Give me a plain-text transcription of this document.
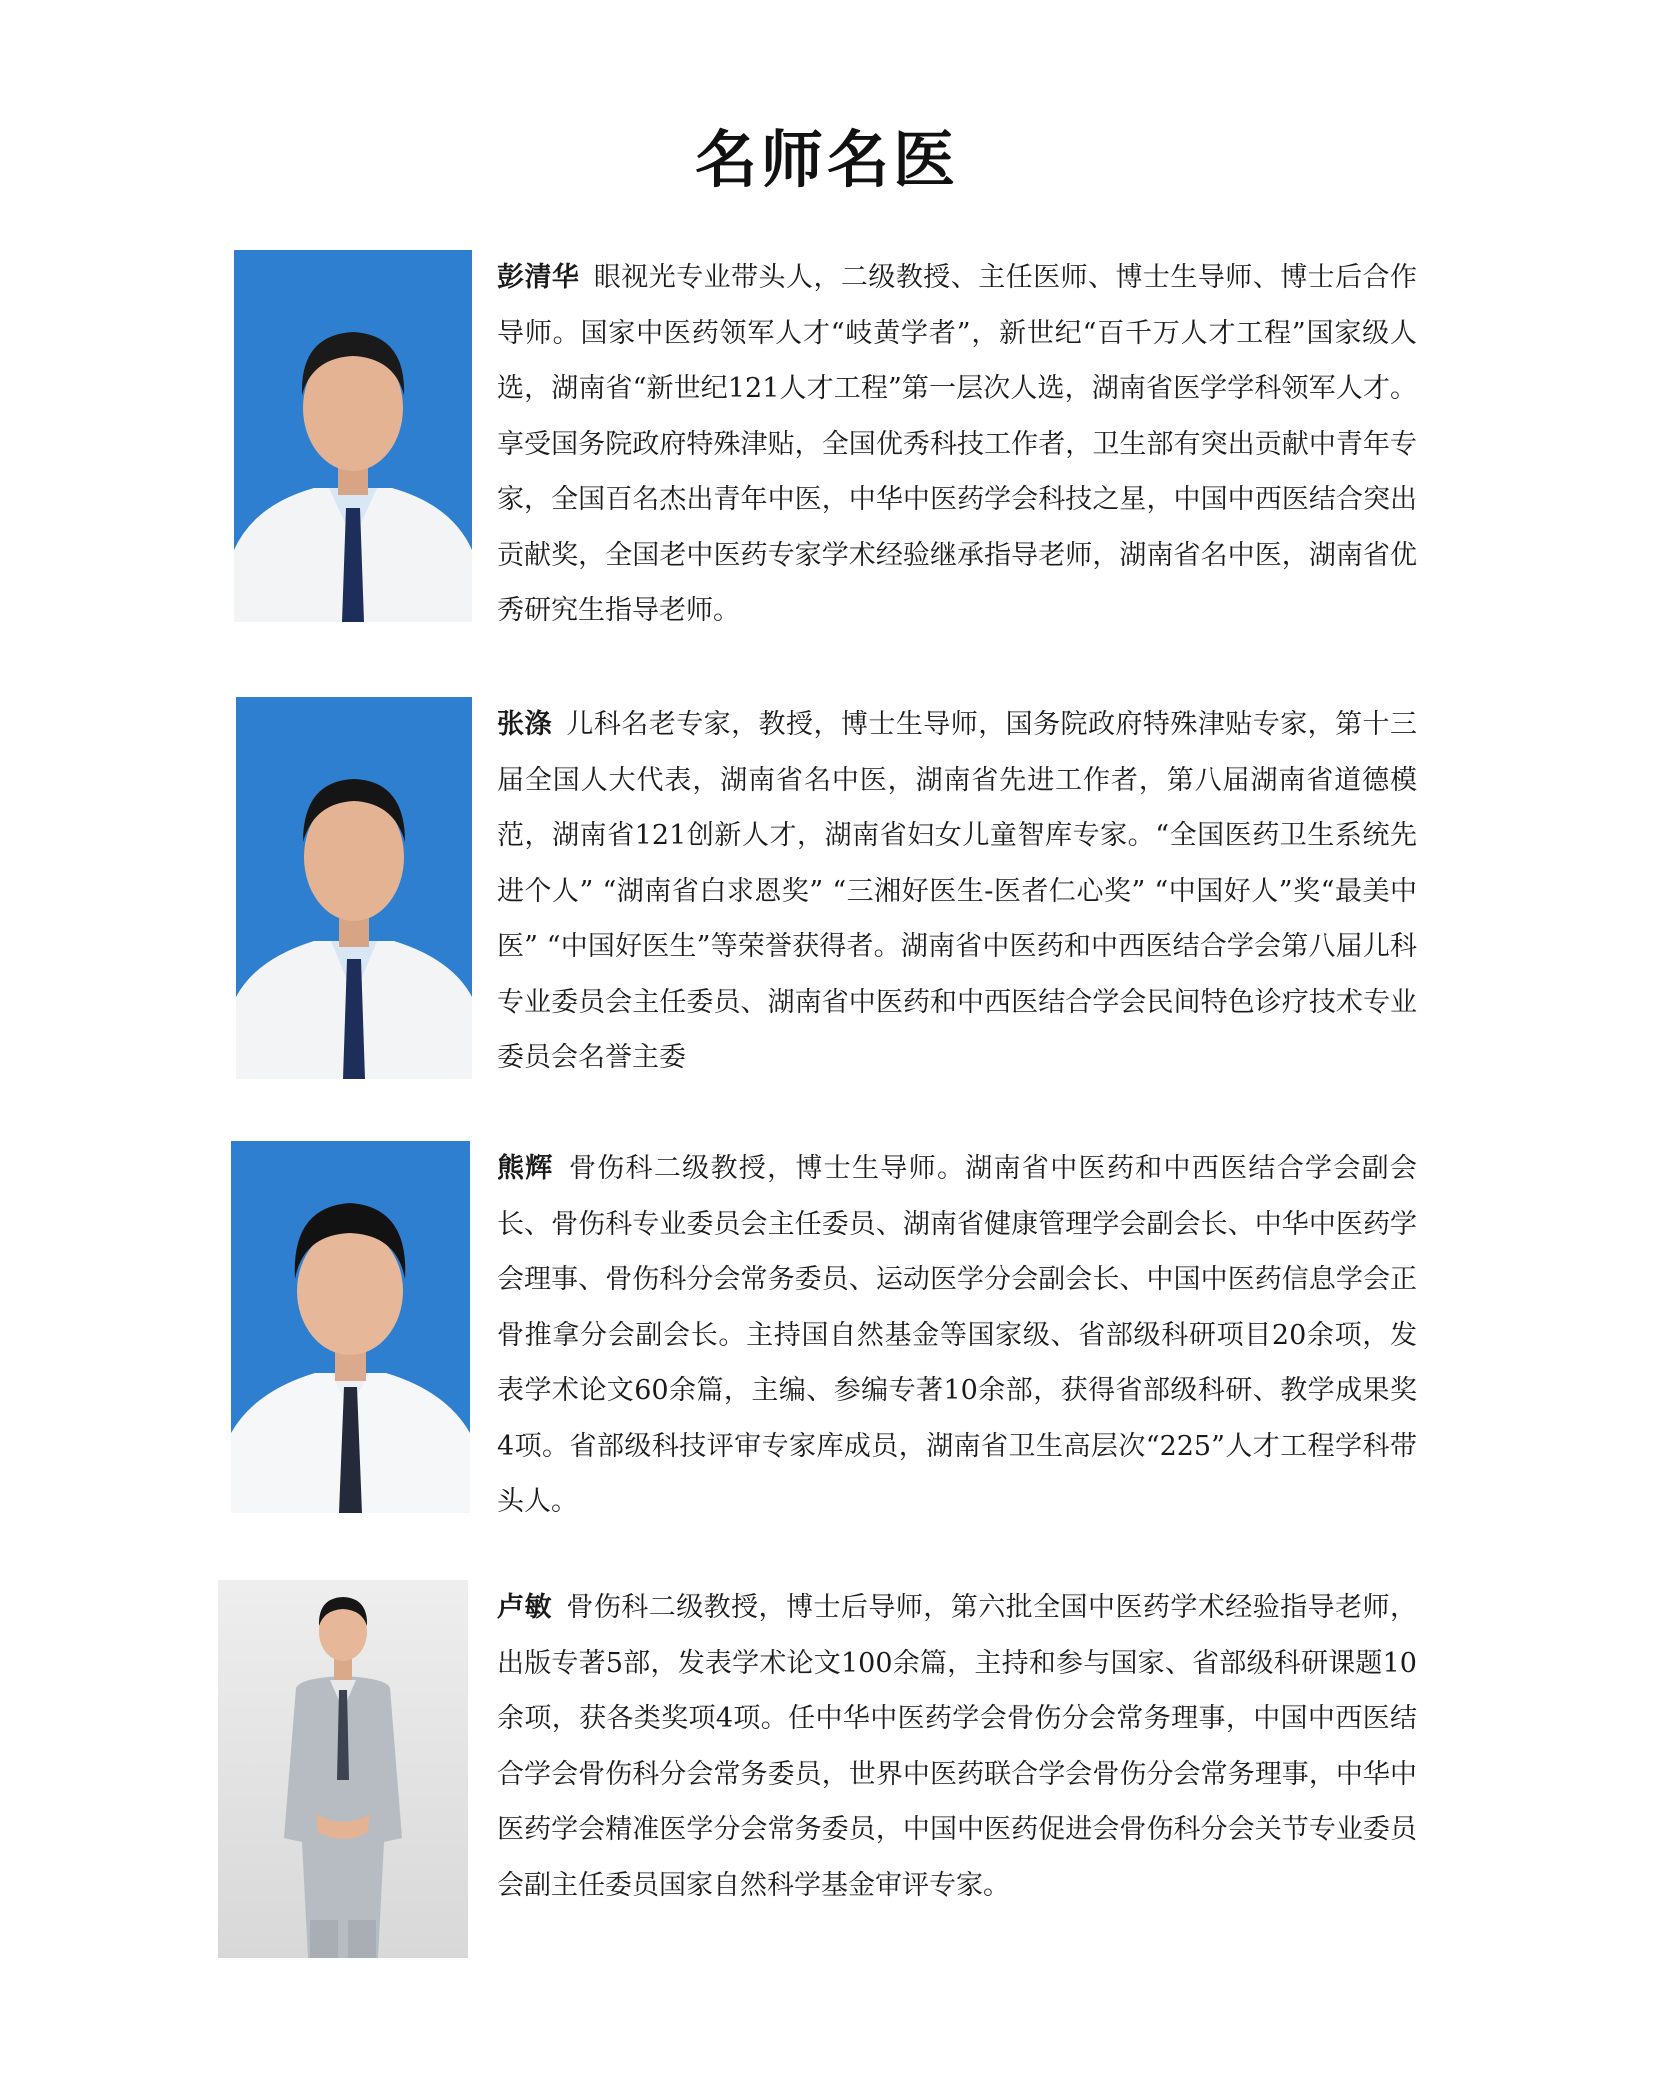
名师名医
彭清华 眼视光专业带头人，二级教授、主任医师、博士生导师、博士后合作导师。国家中医药领军人才“岐黄学者”，新世纪“百千万人才工程”国家级人选，湖南省“新世纪121人才工程”第一层次人选，湖南省医学学科领军人才。享受国务院政府特殊津贴，全国优秀科技工作者，卫生部有突出贡献中青年专家，全国百名杰出青年中医，中华中医药学会科技之星，中国中西医结合突出贡献奖，全国老中医药专家学术经验继承指导老师，湖南省名中医，湖南省优秀研究生指导老师。
张涤 儿科名老专家，教授，博士生导师，国务院政府特殊津贴专家，第十三届全国人大代表，湖南省名中医，湖南省先进工作者，第八届湖南省道德模范，湖南省121创新人才，湖南省妇女儿童智库专家。“全国医药卫生系统先进个人” “湖南省白求恩奖” “三湘好医生-医者仁心奖” “中国好人”奖“最美中医” “中国好医生”等荣誉获得者。湖南省中医药和中西医结合学会第八届儿科专业委员会主任委员、湖南省中医药和中西医结合学会民间特色诊疗技术专业委员会名誉主委
熊辉 骨伤科二级教授，博士生导师。湖南省中医药和中西医结合学会副会长、骨伤科专业委员会主任委员、湖南省健康管理学会副会长、中华中医药学会理事、骨伤科分会常务委员、运动医学分会副会长、中国中医药信息学会正骨推拿分会副会长。主持国自然基金等国家级、省部级科研项目20余项，发表学术论文60余篇，主编、参编专著10余部，获得省部级科研、教学成果奖4项。省部级科技评审专家库成员，湖南省卫生高层次“225”人才工程学科带头人。
卢敏 骨伤科二级教授，博士后导师，第六批全国中医药学术经验指导老师，出版专著5部，发表学术论文100余篇，主持和参与国家、省部级科研课题10余项，获各类奖项4项。任中华中医药学会骨伤分会常务理事，中国中西医结合学会骨伤科分会常务委员，世界中医药联合学会骨伤分会常务理事，中华中医药学会精准医学分会常务委员，中国中医药促进会骨伤科分会关节专业委员会副主任委员国家自然科学基金审评专家。
